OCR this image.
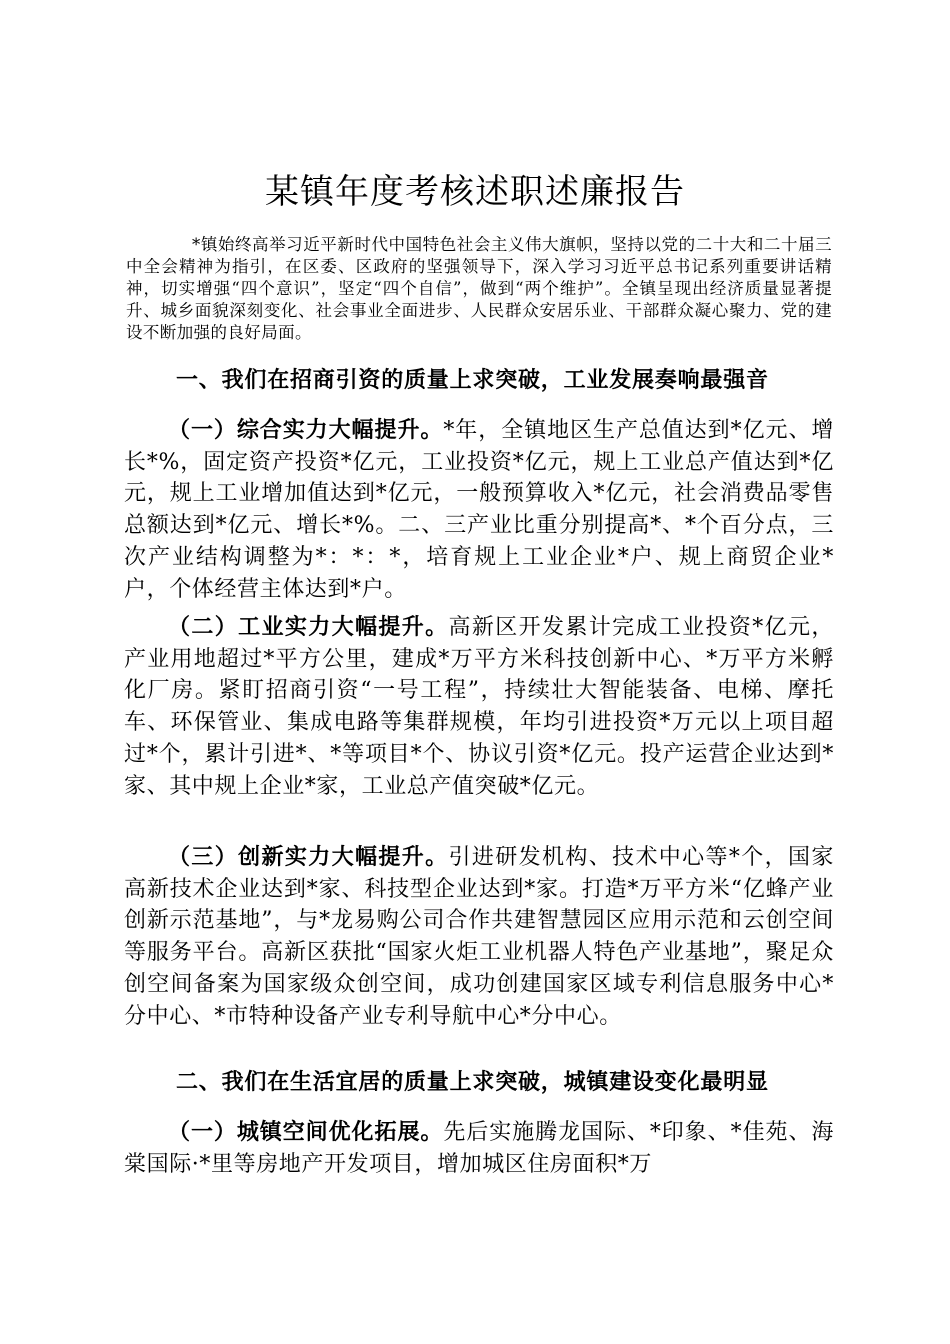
某镇年度考核述职述廉报告
*镇始终高举习近平新时代中国特色社会主义伟大旗帜，坚持以党的二十大和二十届三中全会精神为指引，在区委、区政府的坚强领导下，深入学习习近平总书记系列重要讲话精神，切实增强“四个意识”，坚定“四个自信”，做到“两个维护”。全镇呈现出经济质量显著提升、城乡面貌深刻变化、社会事业全面进步、人民群众安居乐业、干部群众凝心聚力、党的建设不断加强的良好局面。
一、我们在招商引资的质量上求突破，工业发展奏响最强音
（一）综合实力大幅提升。*年，全镇地区生产总值达到*亿元、增长*%，固定资产投资*亿元，工业投资*亿元，规上工业总产值达到*亿元，规上工业增加值达到*亿元，一般预算收入*亿元，社会消费品零售总额达到*亿元、增长*%。二、三产业比重分别提高*、*个百分点，三次产业结构调整为*：*：*，培育规上工业企业*户、规上商贸企业*户，个体经营主体达到*户。
（二）工业实力大幅提升。高新区开发累计完成工业投资*亿元，产业用地超过*平方公里，建成*万平方米科技创新中心、*万平方米孵化厂房。紧盯招商引资“一号工程”，持续壮大智能装备、电梯、摩托车、环保管业、集成电路等集群规模，年均引进投资*万元以上项目超过*个，累计引进*、*等项目*个、协议引资*亿元。投产运营企业达到*家、其中规上企业*家，工业总产值突破*亿元。
（三）创新实力大幅提升。引进研发机构、技术中心等*个，国家高新技术企业达到*家、科技型企业达到*家。打造*万平方米“亿蜂产业创新示范基地”，与*龙易购公司合作共建智慧园区应用示范和云创空间等服务平台。高新区获批“国家火炬工业机器人特色产业基地”，聚足众创空间备案为国家级众创空间，成功创建国家区域专利信息服务中心*分中心、*市特种设备产业专利导航中心*分中心。
二、我们在生活宜居的质量上求突破，城镇建设变化最明显
（一）城镇空间优化拓展。先后实施腾龙国际、*印象、*佳苑、海棠国际·*里等房地产开发项目，增加城区住房面积*万
